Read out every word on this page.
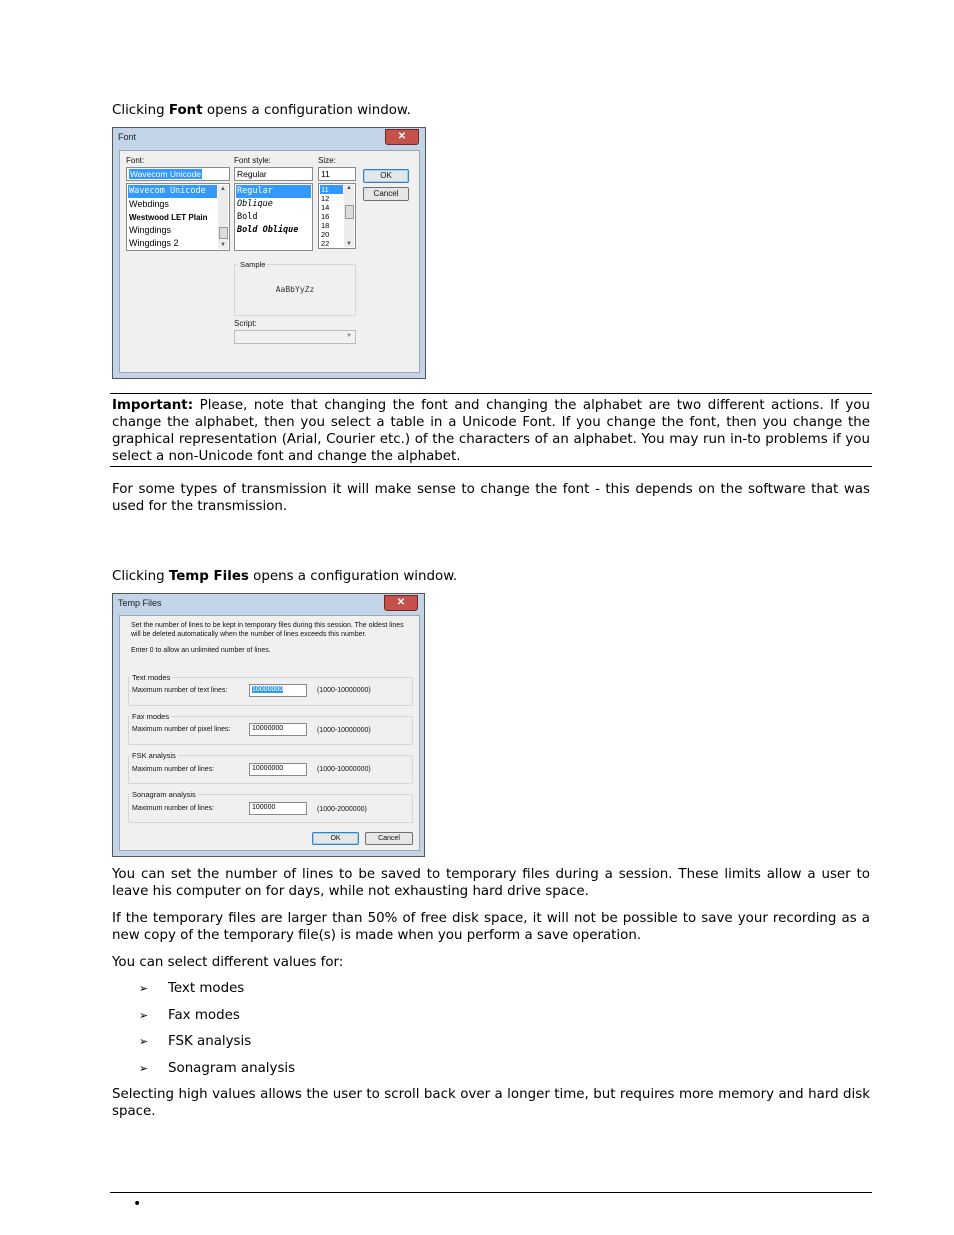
Clicking Font opens a configuration window.

Font	✕
Font:
Wavecom Unicode
Wavecom Unicode
Webdings
Westwood LET Plain
Wingdings
Wingdings 2
▲
▼
Font style:
Regular
Regular
Oblique
Bold
Bold Oblique
Size:
11
11
12
14
16
18
20
22
▲
▼
OK
Cancel
Sample
AaBbYyZz
Script:
▼

Important: Please, note that changing the font and changing the alphabet are two different actions. If you change the alphabet, then you select a table in a Unicode Font. If you change the font, then you change the graphical representation (Arial, Courier etc.) of the characters of an alphabet. You may run in-to problems if you select a non-Unicode font and change the alphabet.

For some types of transmission it will make sense to change the font - this depends on the software that was used for the transmission.

Clicking Temp Files opens a configuration window.

Temp Files	✕
Set the number of lines to be kept in temporary files during this session. The oldest lines will be deleted automatically when the number of lines exceeds this number.
Enter 0 to allow an unlimited number of lines.
Text modes
Maximum number of text lines:	10000000	(1000-10000000)
Fax modes
Maximum number of pixel lines:	10000000	(1000-10000000)
FSK analysis
Maximum number of lines:	10000000	(1000-10000000)
Sonagram analysis
Maximum number of lines:	100000	(1000-2000000)
OK	Cancel

You can set the number of lines to be saved to temporary files during a session. These limits allow a user to leave his computer on for days, while not exhausting hard drive space.

If the temporary files are larger than 50% of free disk space, it will not be possible to save your recording as a new copy of the temporary file(s) is made when you perform a save operation.

You can select different values for:

➢ Text modes
➢ Fax modes
➢ FSK analysis
➢ Sonagram analysis

Selecting high values allows the user to scroll back over a longer time, but requires more memory and hard disk space.

•
